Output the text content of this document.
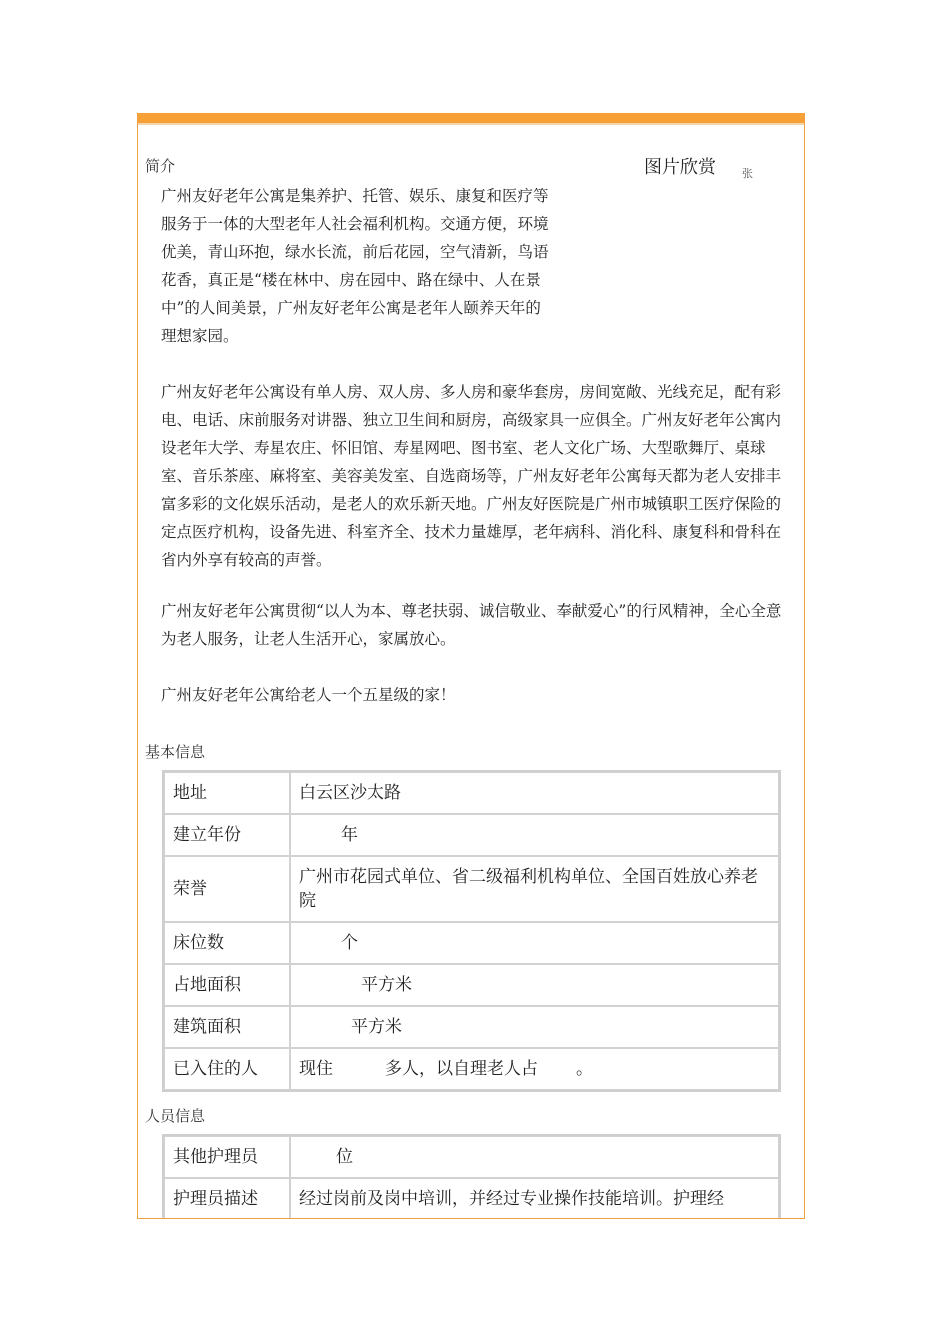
简介	图片欣赏 张

广州友好老年公寓是集养护、托管、娱乐、康复和医疗等服务于一体的大型老年人社会福利机构。交通方便，环境优美，青山环抱，绿水长流，前后花园，空气清新，鸟语花香，真正是“楼在林中、房在园中、路在绿中、人在景中”的人间美景，广州友好老年公寓是老年人颐养天年的理想家园。

广州友好老年公寓设有单人房、双人房、多人房和豪华套房，房间宽敞、光线充足，配有彩电、电话、床前服务对讲器、独立卫生间和厨房，高级家具一应俱全。广州友好老年公寓内设老年大学、寿星农庄、怀旧馆、寿星网吧、图书室、老人文化广场、大型歌舞厅、桌球室、音乐茶座、麻将室、美容美发室、自选商场等，广州友好老年公寓每天都为老人安排丰富多彩的文化娱乐活动，是老人的欢乐新天地。广州友好医院是广州市城镇职工医疗保险的定点医疗机构，设备先进、科室齐全、技术力量雄厚，老年病科、消化科、康复科和骨科在省内外享有较高的声誉。

广州友好老年公寓贯彻“以人为本、尊老扶弱、诚信敬业、奉献爱心”的行风精神，全心全意为老人服务，让老人生活开心，家属放心。

广州友好老年公寓给老人一个五星级的家！

基本信息
地址	白云区沙太路
建立年份	年
荣誉	广州市花园式单位、省二级福利机构单位、全国百姓放心养老院
床位数	个
占地面积	平方米
建筑面积	平方米
已入住的人	现住 多人，以自理老人占 。
人员信息
其他护理员	位
护理员描述	经过岗前及岗中培训，并经过专业操作技能培训。护理经
